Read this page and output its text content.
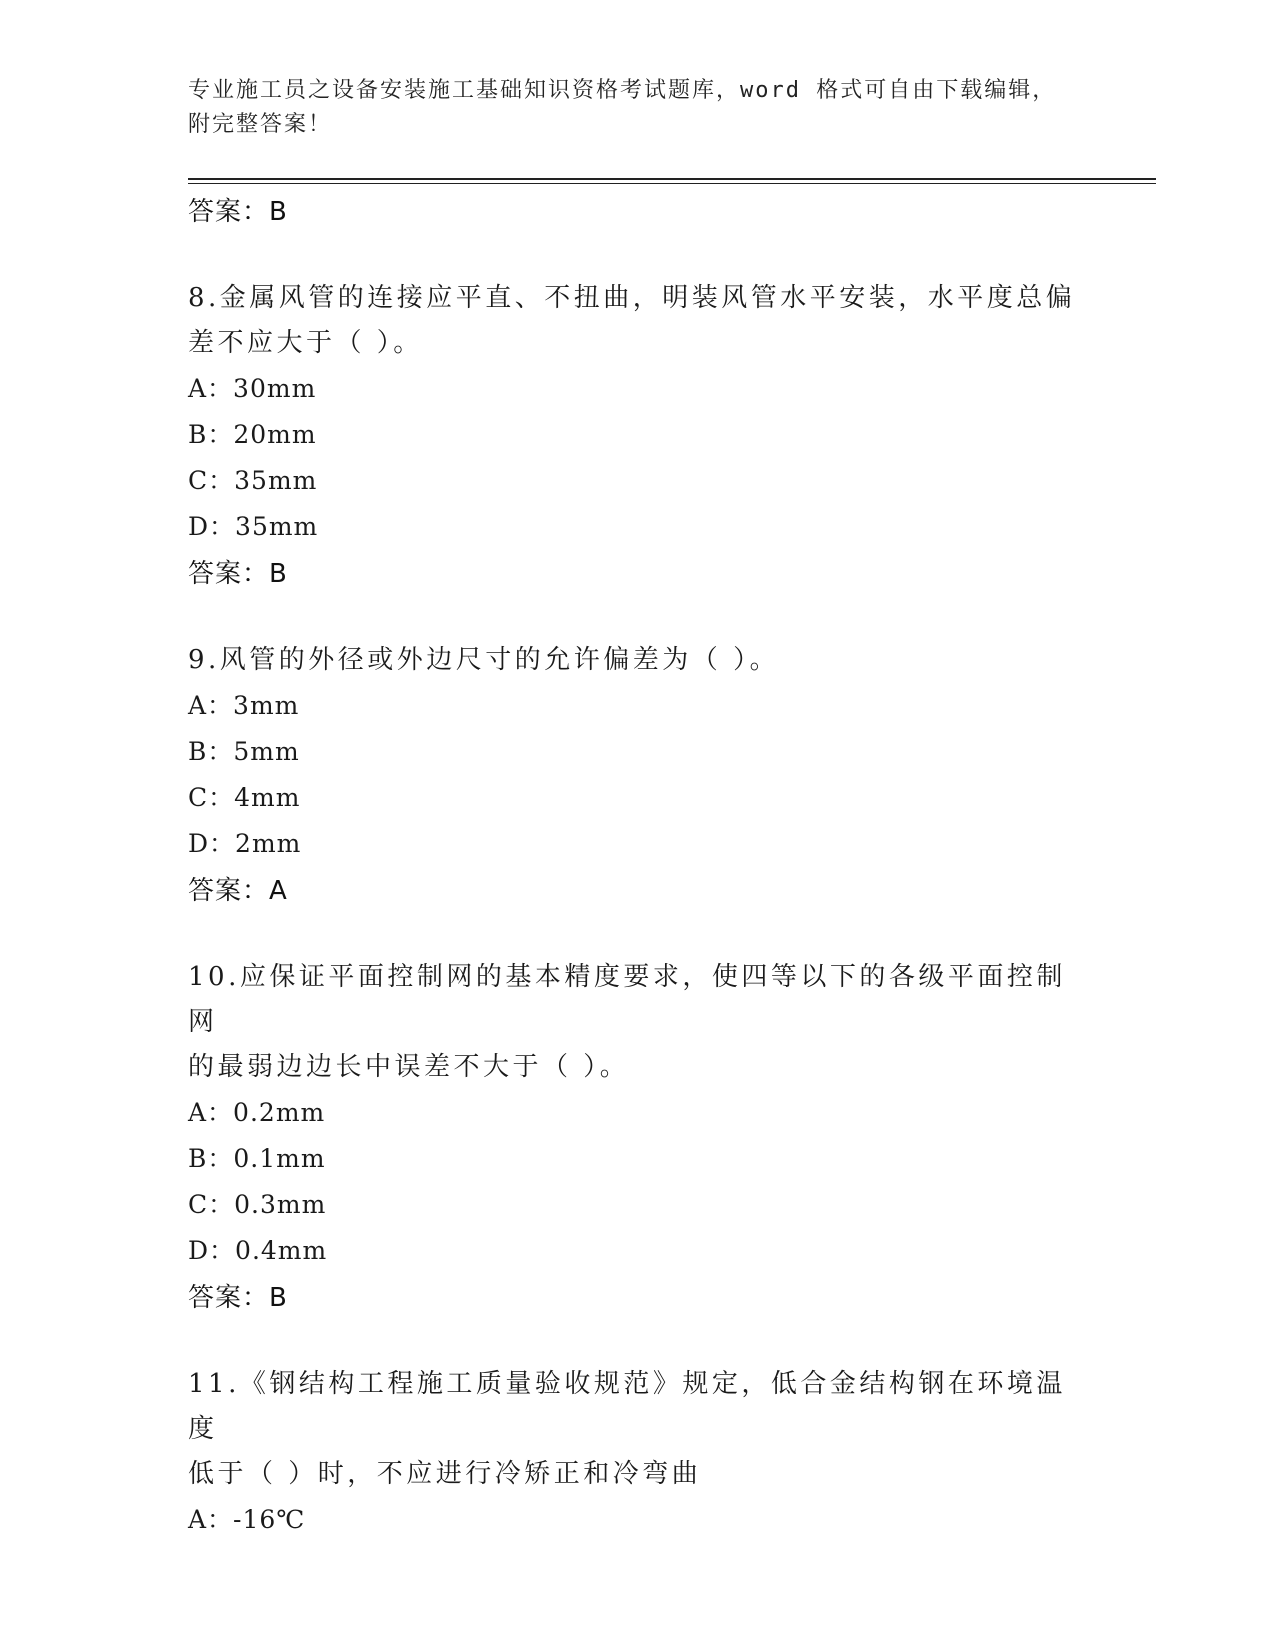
专业施工员之设备安装施工基础知识资格考试题库，word 格式可自由下载编辑，
附完整答案！
答案：B
8.金属风管的连接应平直、不扭曲，明装风管水平安装，水平度总偏
差不应大于（ ）。
A：30mm
B：20mm
C：35mm
D：35mm
答案：B
9.风管的外径或外边尺寸的允许偏差为（ ）。
A：3mm
B：5mm
C：4mm
D：2mm
答案：A
10.应保证平面控制网的基本精度要求，使四等以下的各级平面控制网
的最弱边边长中误差不大于（ ）。
A：0.2mm
B：0.1mm
C：0.3mm
D：0.4mm
答案：B
11.《钢结构工程施工质量验收规范》规定，低合金结构钢在环境温度
低于（ ）时，不应进行冷矫正和冷弯曲
A：-16℃
